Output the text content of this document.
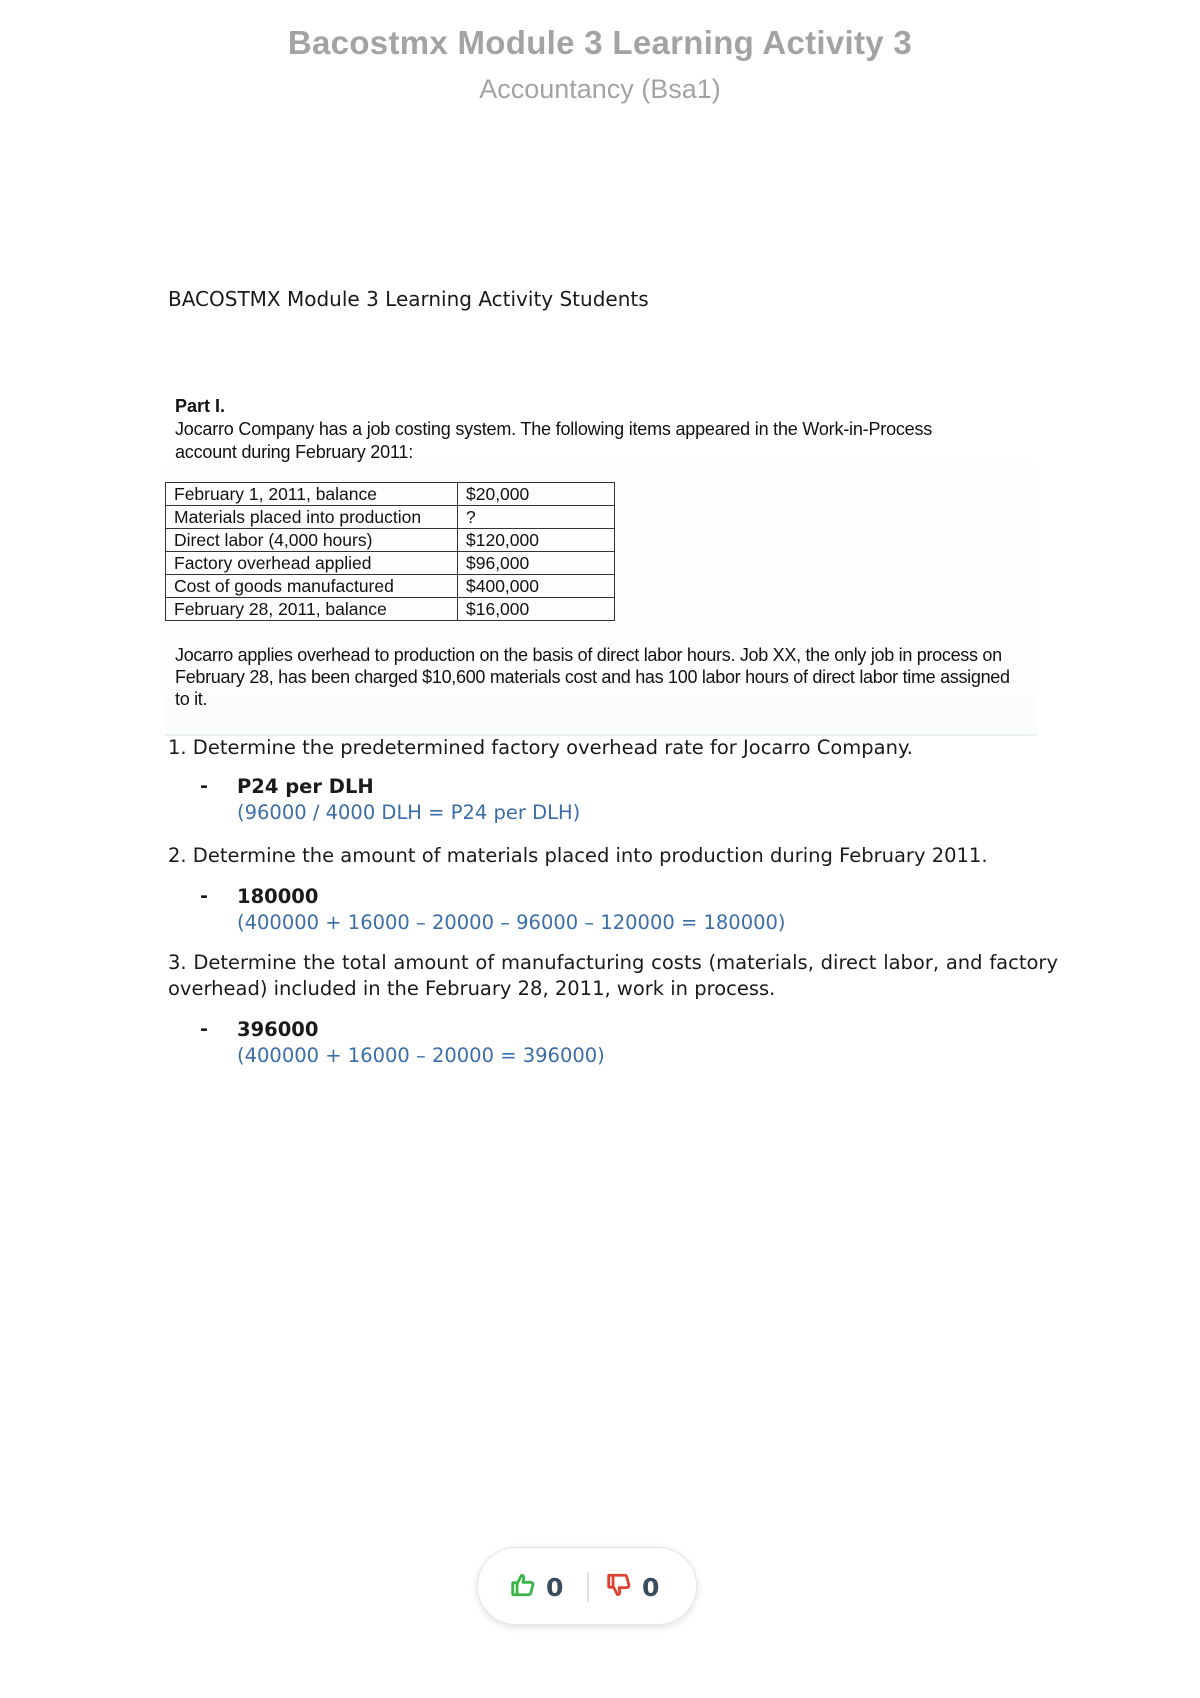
Bacostmx Module 3 Learning Activity 3
Accountancy (Bsa1)
BACOSTMX Module 3 Learning Activity Students
Part I.
Jocarro Company has a job costing system. The following items appeared in the Work-in-Process account during February 2011:
February 1, 2011, balance	$20,000
Materials placed into production	?
Direct labor (4,000 hours)	$120,000
Factory overhead applied	$96,000
Cost of goods manufactured	$400,000
February 28, 2011, balance	$16,000
Jocarro applies overhead to production on the basis of direct labor hours. Job XX, the only job in process on February 28, has been charged $10,600 materials cost and has 100 labor hours of direct labor time assigned to it.
1. Determine the predetermined factory overhead rate for Jocarro Company.
- P24 per DLH
(96000 / 4000 DLH = P24 per DLH)
2. Determine the amount of materials placed into production during February 2011.
- 180000
(400000 + 16000 – 20000 – 96000 – 120000 = 180000)
3. Determine the total amount of manufacturing costs (materials, direct labor, and factory overhead) included in the February 28, 2011, work in process.
- 396000
(400000 + 16000 – 20000 = 396000)
0	0
